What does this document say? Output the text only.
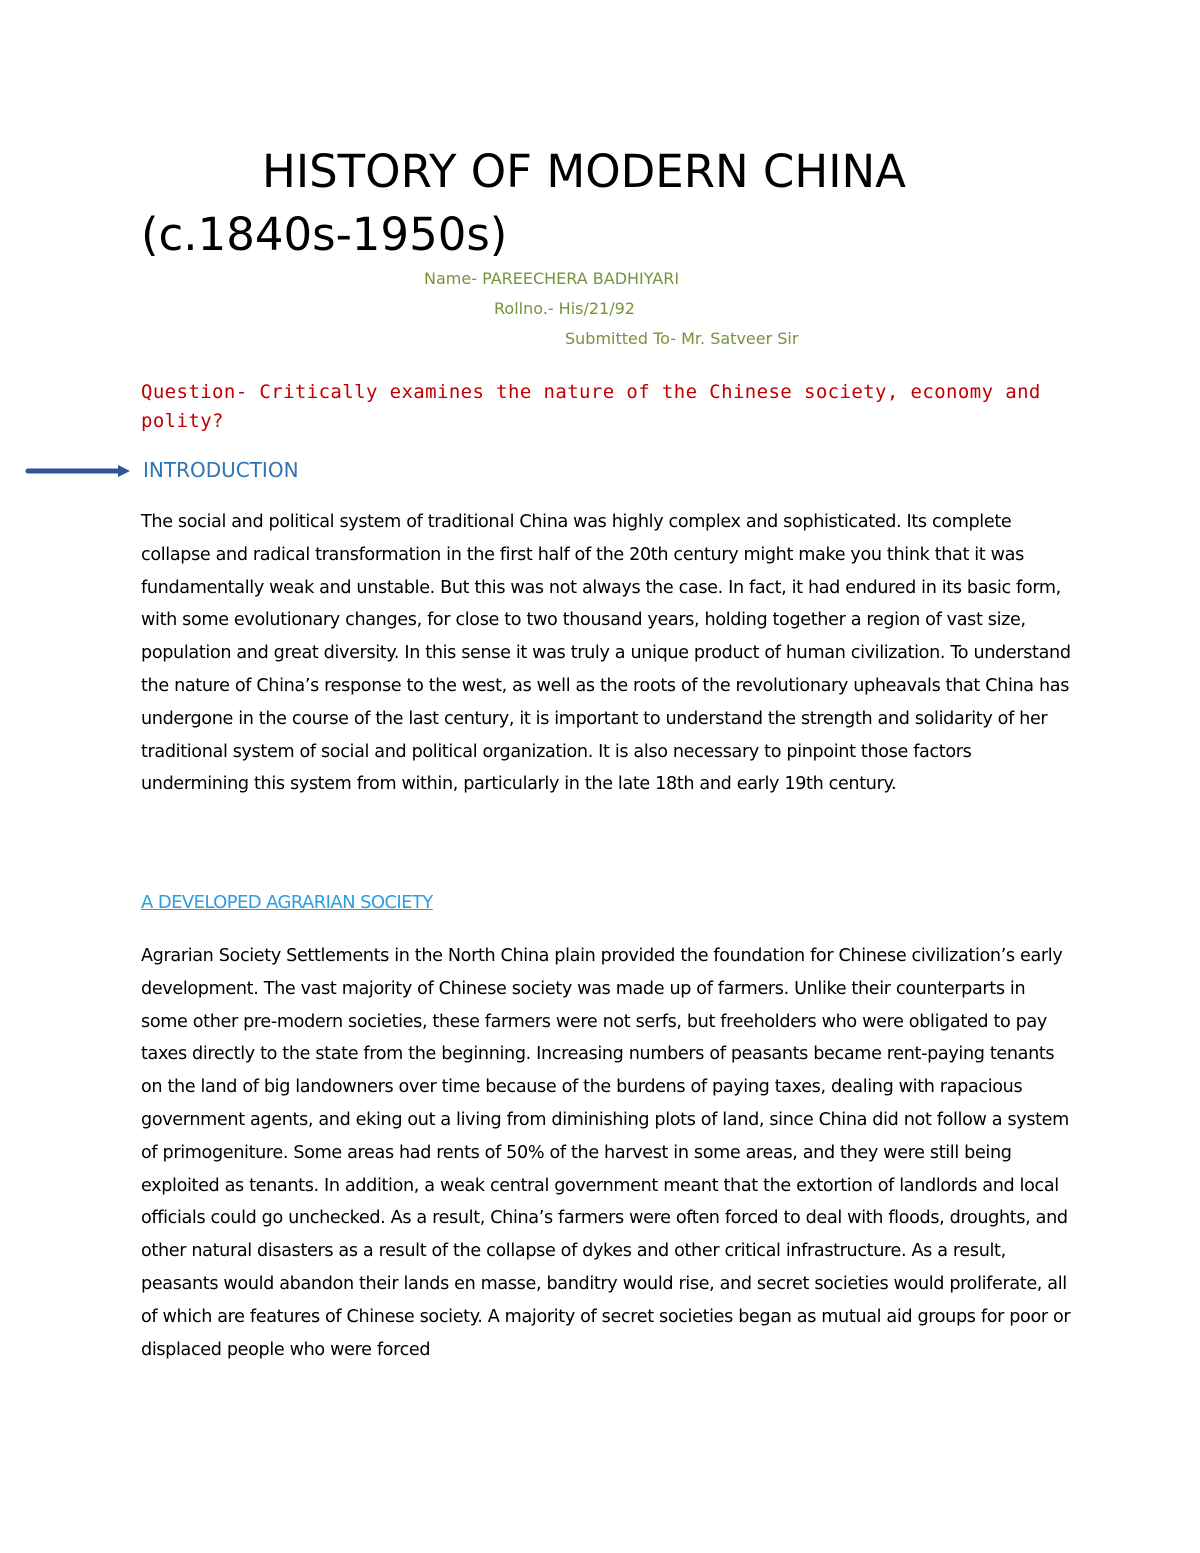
HISTORY OF MODERN CHINA
(c.1840s-1950s)
Name- PAREECHERA BADHIYARI
Rollno.- His/21/92
Submitted To- Mr. Satveer Sir

Question- Critically examines the nature of the Chinese society, economy and polity?

INTRODUCTION

The social and political system of traditional China was highly complex and sophisticated. Its complete collapse and radical transformation in the first half of the 20th century might make you think that it was fundamentally weak and unstable. But this was not always the case. In fact, it had endured in its basic form, with some evolutionary changes, for close to two thousand years, holding together a region of vast size, population and great diversity. In this sense it was truly a unique product of human civilization. To understand the nature of China’s response to the west, as well as the roots of the revolutionary upheavals that China has undergone in the course of the last century, it is important to understand the strength and solidarity of her traditional system of social and political organization. It is also necessary to pinpoint those factors undermining this system from within, particularly in the late 18th and early 19th century.

A DEVELOPED AGRARIAN SOCIETY

Agrarian Society Settlements in the North China plain provided the foundation for Chinese civilization’s early development. The vast majority of Chinese society was made up of farmers. Unlike their counterparts in some other pre-modern societies, these farmers were not serfs, but freeholders who were obligated to pay taxes directly to the state from the beginning. Increasing numbers of peasants became rent-paying tenants on the land of big landowners over time because of the burdens of paying taxes, dealing with rapacious government agents, and eking out a living from diminishing plots of land, since China did not follow a system of primogeniture. Some areas had rents of 50% of the harvest in some areas, and they were still being exploited as tenants. In addition, a weak central government meant that the extortion of landlords and local officials could go unchecked. As a result, China’s farmers were often forced to deal with floods, droughts, and other natural disasters as a result of the collapse of dykes and other critical infrastructure. As a result, peasants would abandon their lands en masse, banditry would rise, and secret societies would proliferate, all of which are features of Chinese society. A majority of secret societies began as mutual aid groups for poor or displaced people who were forced
